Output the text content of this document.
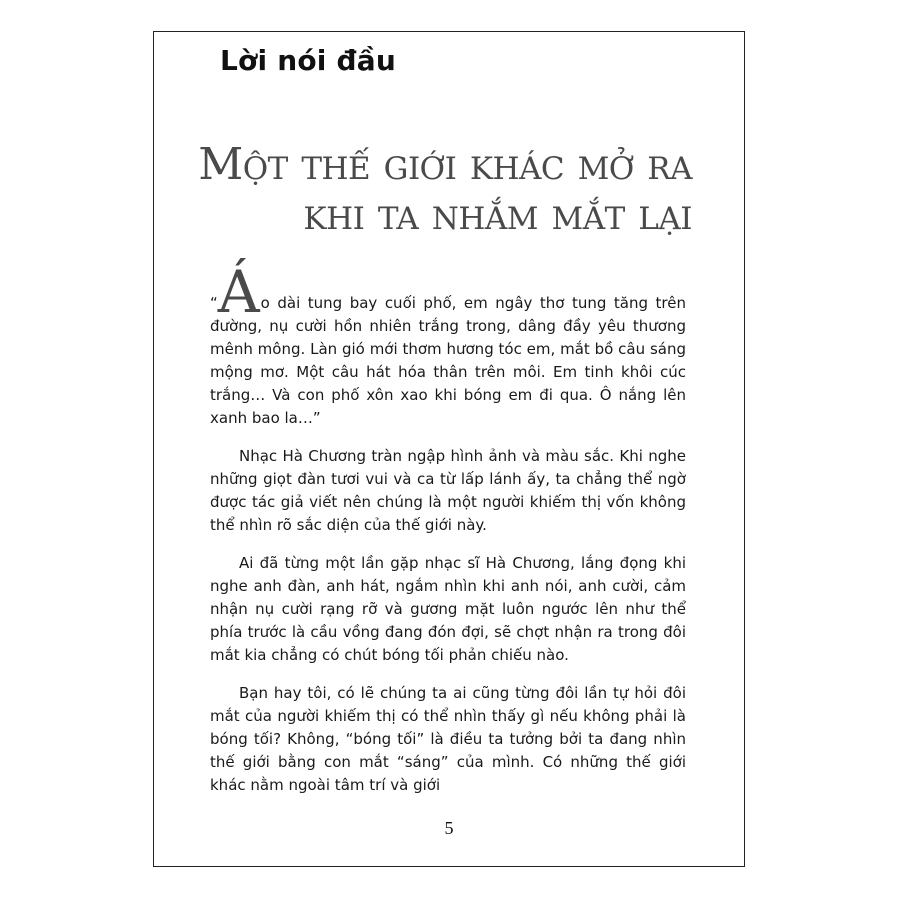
Lời nói đầu
Một thế giới khác mở ra
khi ta nhắm mắt lại

“Áo dài tung bay cuối phố, em ngây thơ tung tăng trên đường, nụ cười hồn nhiên trắng trong, dâng đầy yêu thương mênh mông. Làn gió mới thơm hương tóc em, mắt bồ câu sáng mộng mơ. Một câu hát hóa thân trên môi. Em tinh khôi cúc trắng… Và con phố xôn xao khi bóng em đi qua. Ô nắng lên xanh bao la…”

Nhạc Hà Chương tràn ngập hình ảnh và màu sắc. Khi nghe những giọt đàn tươi vui và ca từ lấp lánh ấy, ta chẳng thể ngờ được tác giả viết nên chúng là một người khiếm thị vốn không thể nhìn rõ sắc diện của thế giới này.

Ai đã từng một lần gặp nhạc sĩ Hà Chương, lắng đọng khi nghe anh đàn, anh hát, ngắm nhìn khi anh nói, anh cười, cảm nhận nụ cười rạng rỡ và gương mặt luôn ngước lên như thể phía trước là cầu vồng đang đón đợi, sẽ chợt nhận ra trong đôi mắt kia chẳng có chút bóng tối phản chiếu nào.

Bạn hay tôi, có lẽ chúng ta ai cũng từng đôi lần tự hỏi đôi mắt của người khiếm thị có thể nhìn thấy gì nếu không phải là bóng tối? Không, “bóng tối” là điều ta tưởng bởi ta đang nhìn thế giới bằng con mắt “sáng” của mình. Có những thế giới khác nằm ngoài tâm trí và giới

5
